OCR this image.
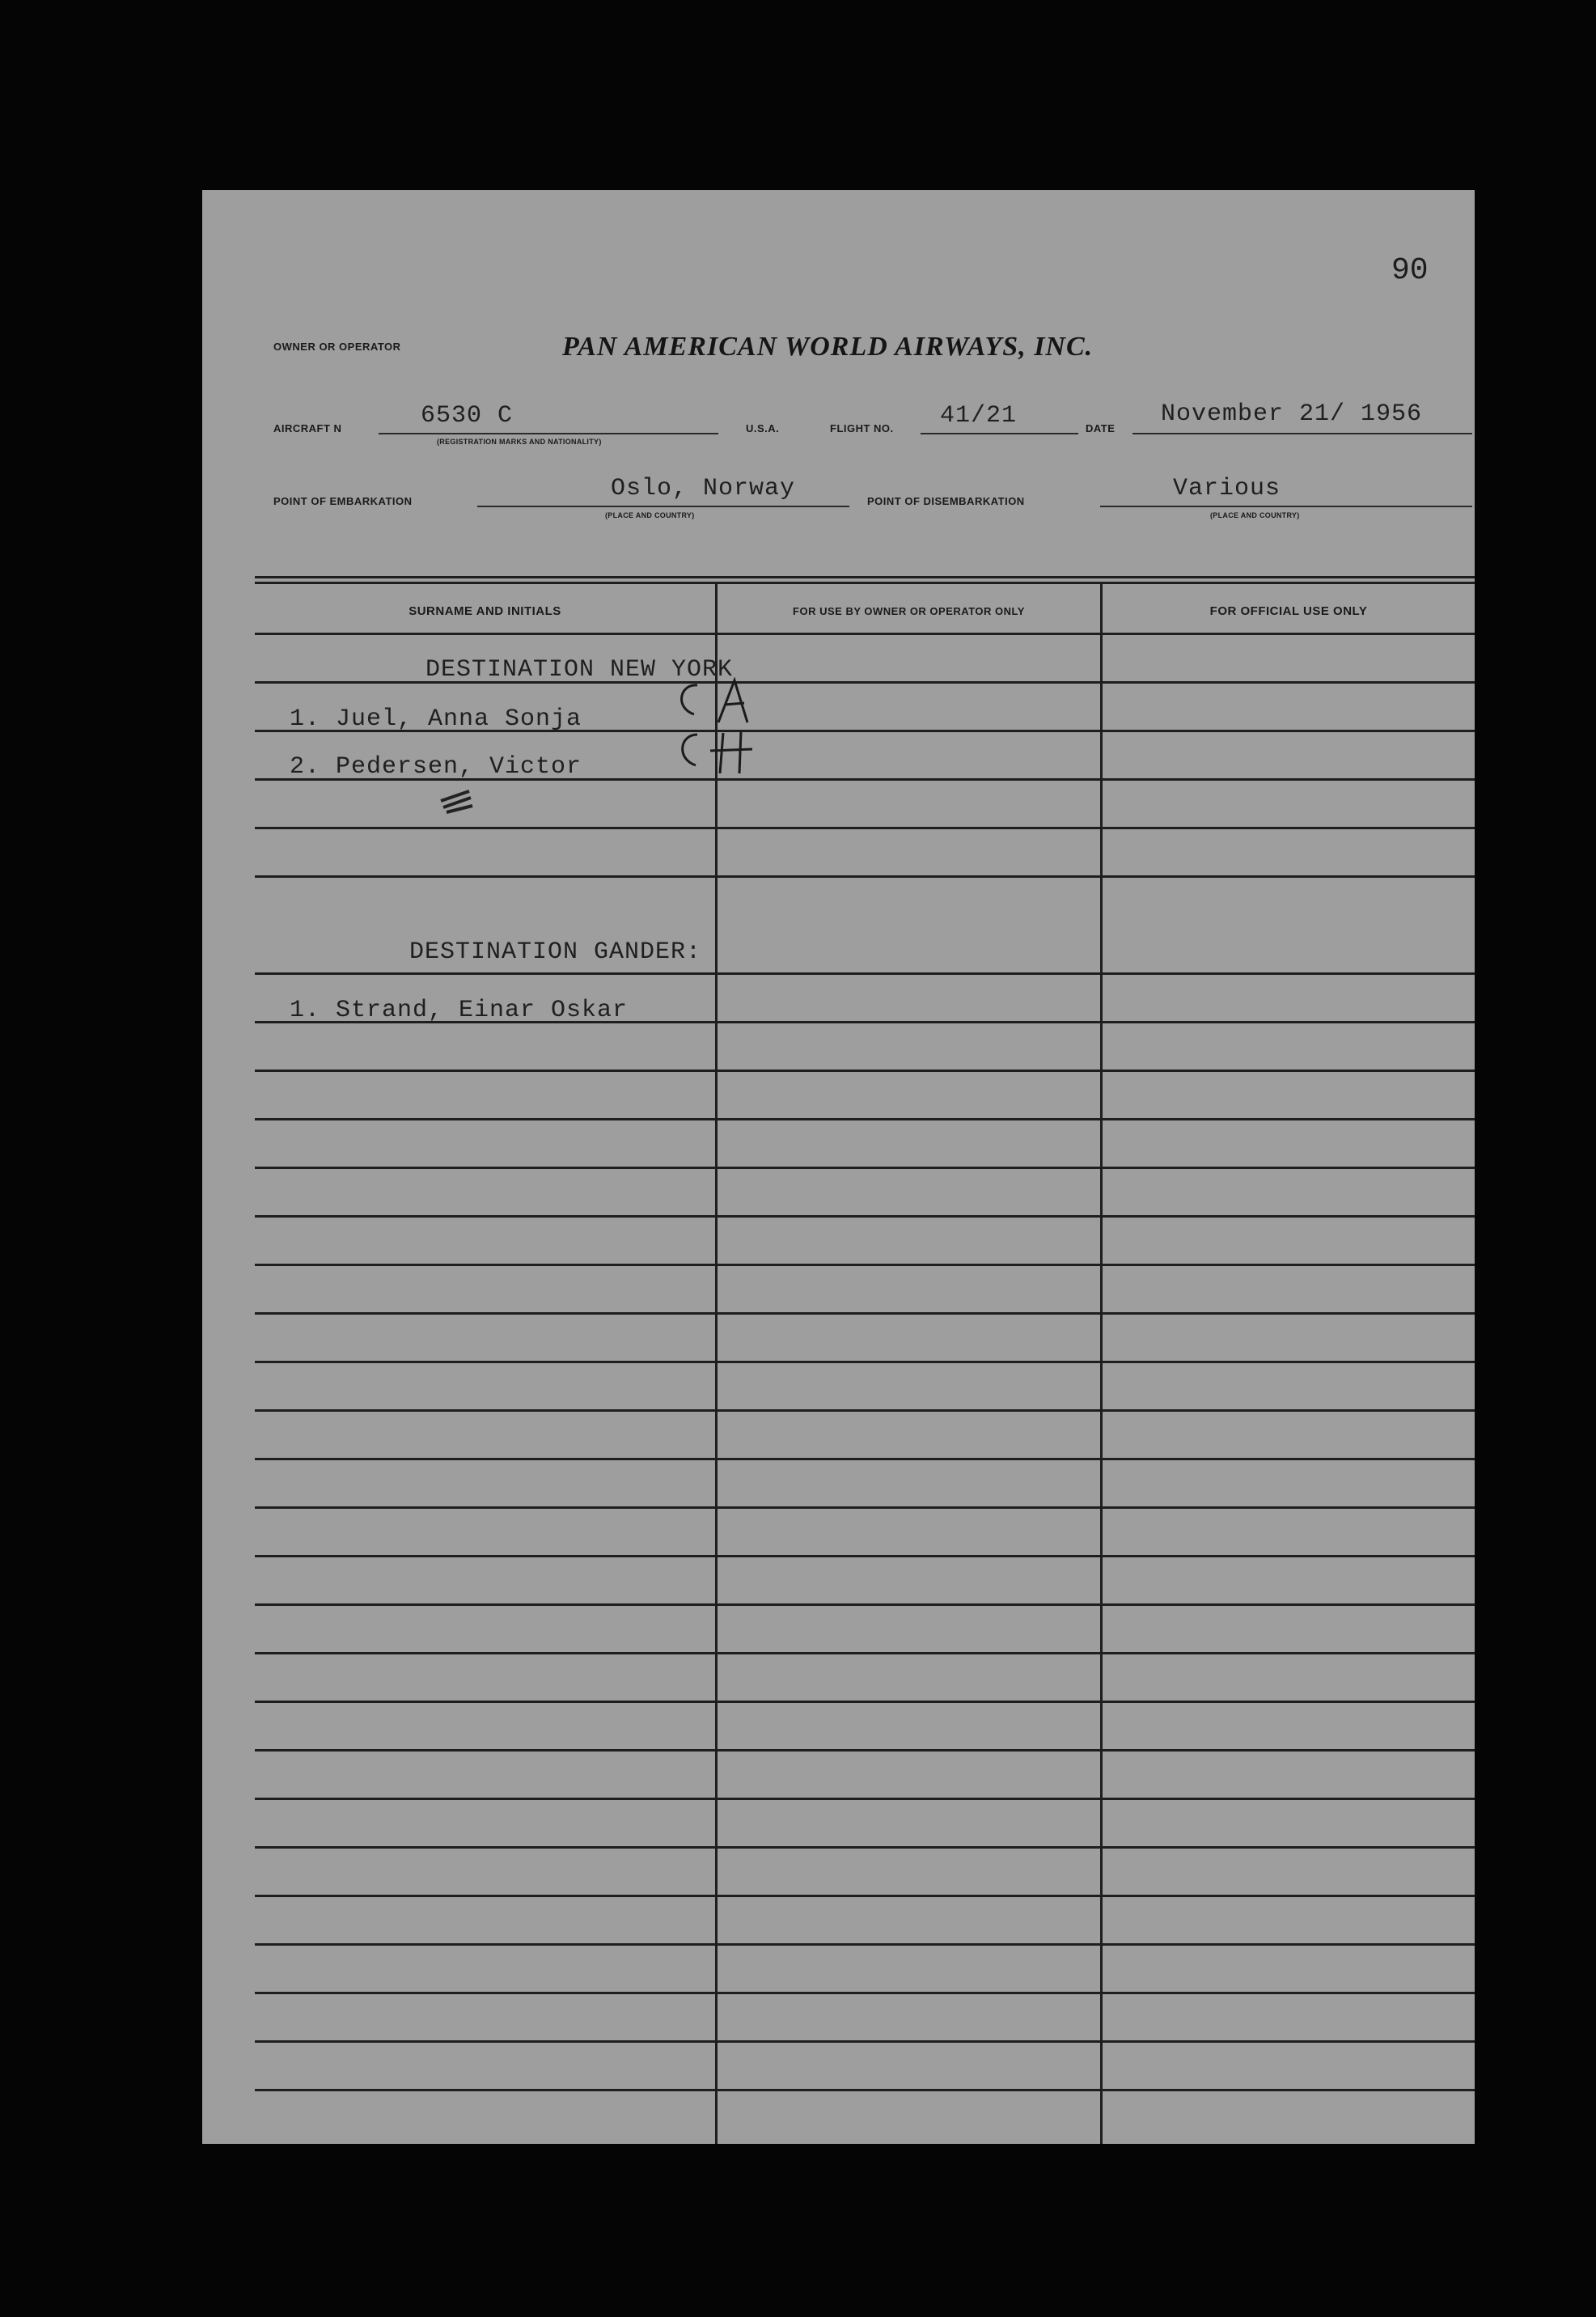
90
OWNER OR OPERATOR	PAN AMERICAN WORLD AIRWAYS, INC.
AIRCRAFT N	6530 C
(REGISTRATION MARKS AND NATIONALITY)
U.S.A.	FLIGHT NO. 41/21	DATE
November 21/ 1956
POINT OF EMBARKATION	Oslo, Norway
(PLACE AND COUNTRY)
POINT OF DISEMBARKATION	Various
(PLACE AND COUNTRY)
SURNAME AND INITIALS	FOR USE BY OWNER OR OPERATOR ONLY	FOR OFFICIAL USE ONLY
DESTINATION NEW YORK
1. Juel, Anna Sonja
2. Pedersen, Victor
DESTINATION GANDER:
1. Strand, Einar Oskar
